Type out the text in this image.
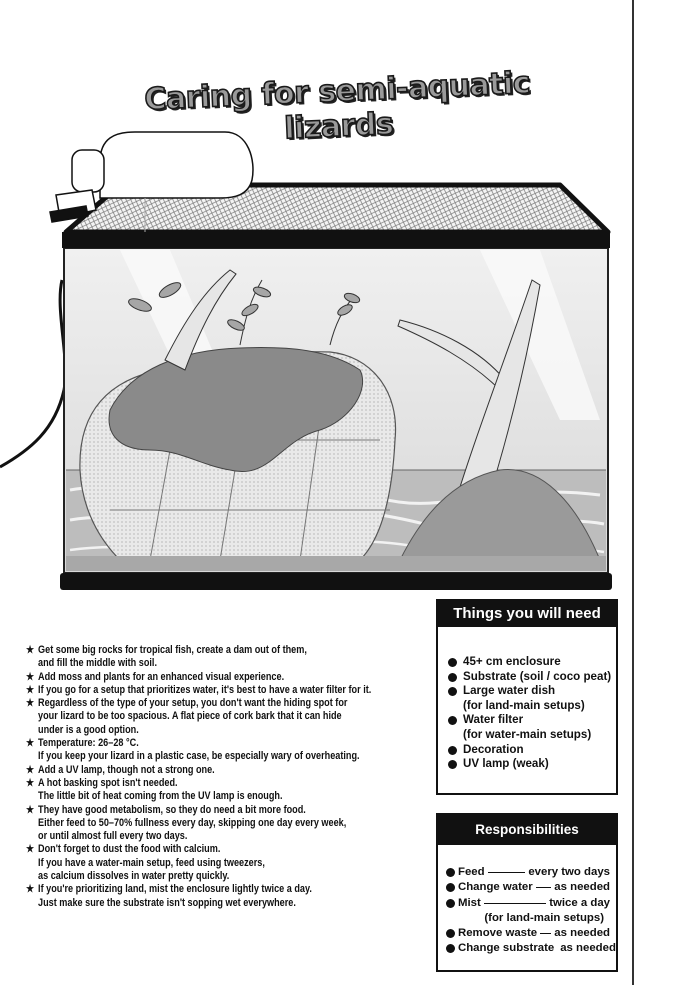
Caring for semi-aquatic lizards
★ Get some big rocks for tropical fish, create a dam out of them,
and fill the middle with soil.
★ Add moss and plants for an enhanced visual experience.
★ If you go for a setup that prioritizes water, it's best to have a water filter for it.
★ Regardless of the type of your setup, you don't want the hiding spot for
your lizard to be too spacious. A flat piece of cork bark that it can hide
under is a good option.
★ Temperature: 26–28 °C.
If you keep your lizard in a plastic case, be especially wary of overheating.
★ Add a UV lamp, though not a strong one.
★ A hot basking spot isn't needed.
The little bit of heat coming from the UV lamp is enough.
★ They have good metabolism, so they do need a bit more food.
Either feed to 50–70% fullness every day, skipping one day every week,
or until almost full every two days.
★ Don't forget to dust the food with calcium.
If you have a water-main setup, feed using tweezers,
as calcium dissolves in water pretty quickly.
★ If you're prioritizing land, mist the enclosure lightly twice a day.
Just make sure the substrate isn't sopping wet everywhere.
Things you will need
45+ cm enclosure
Substrate (soil / coco peat)
Large water dish
(for land-main setups)
Water filter
(for water-main setups)
Decoration
UV lamp (weak)
Responsibilities
Feed	every two days
Change water as needed
Mist	twice a day
(for land-main setups)
Remove waste as needed
Change substrate as needed
